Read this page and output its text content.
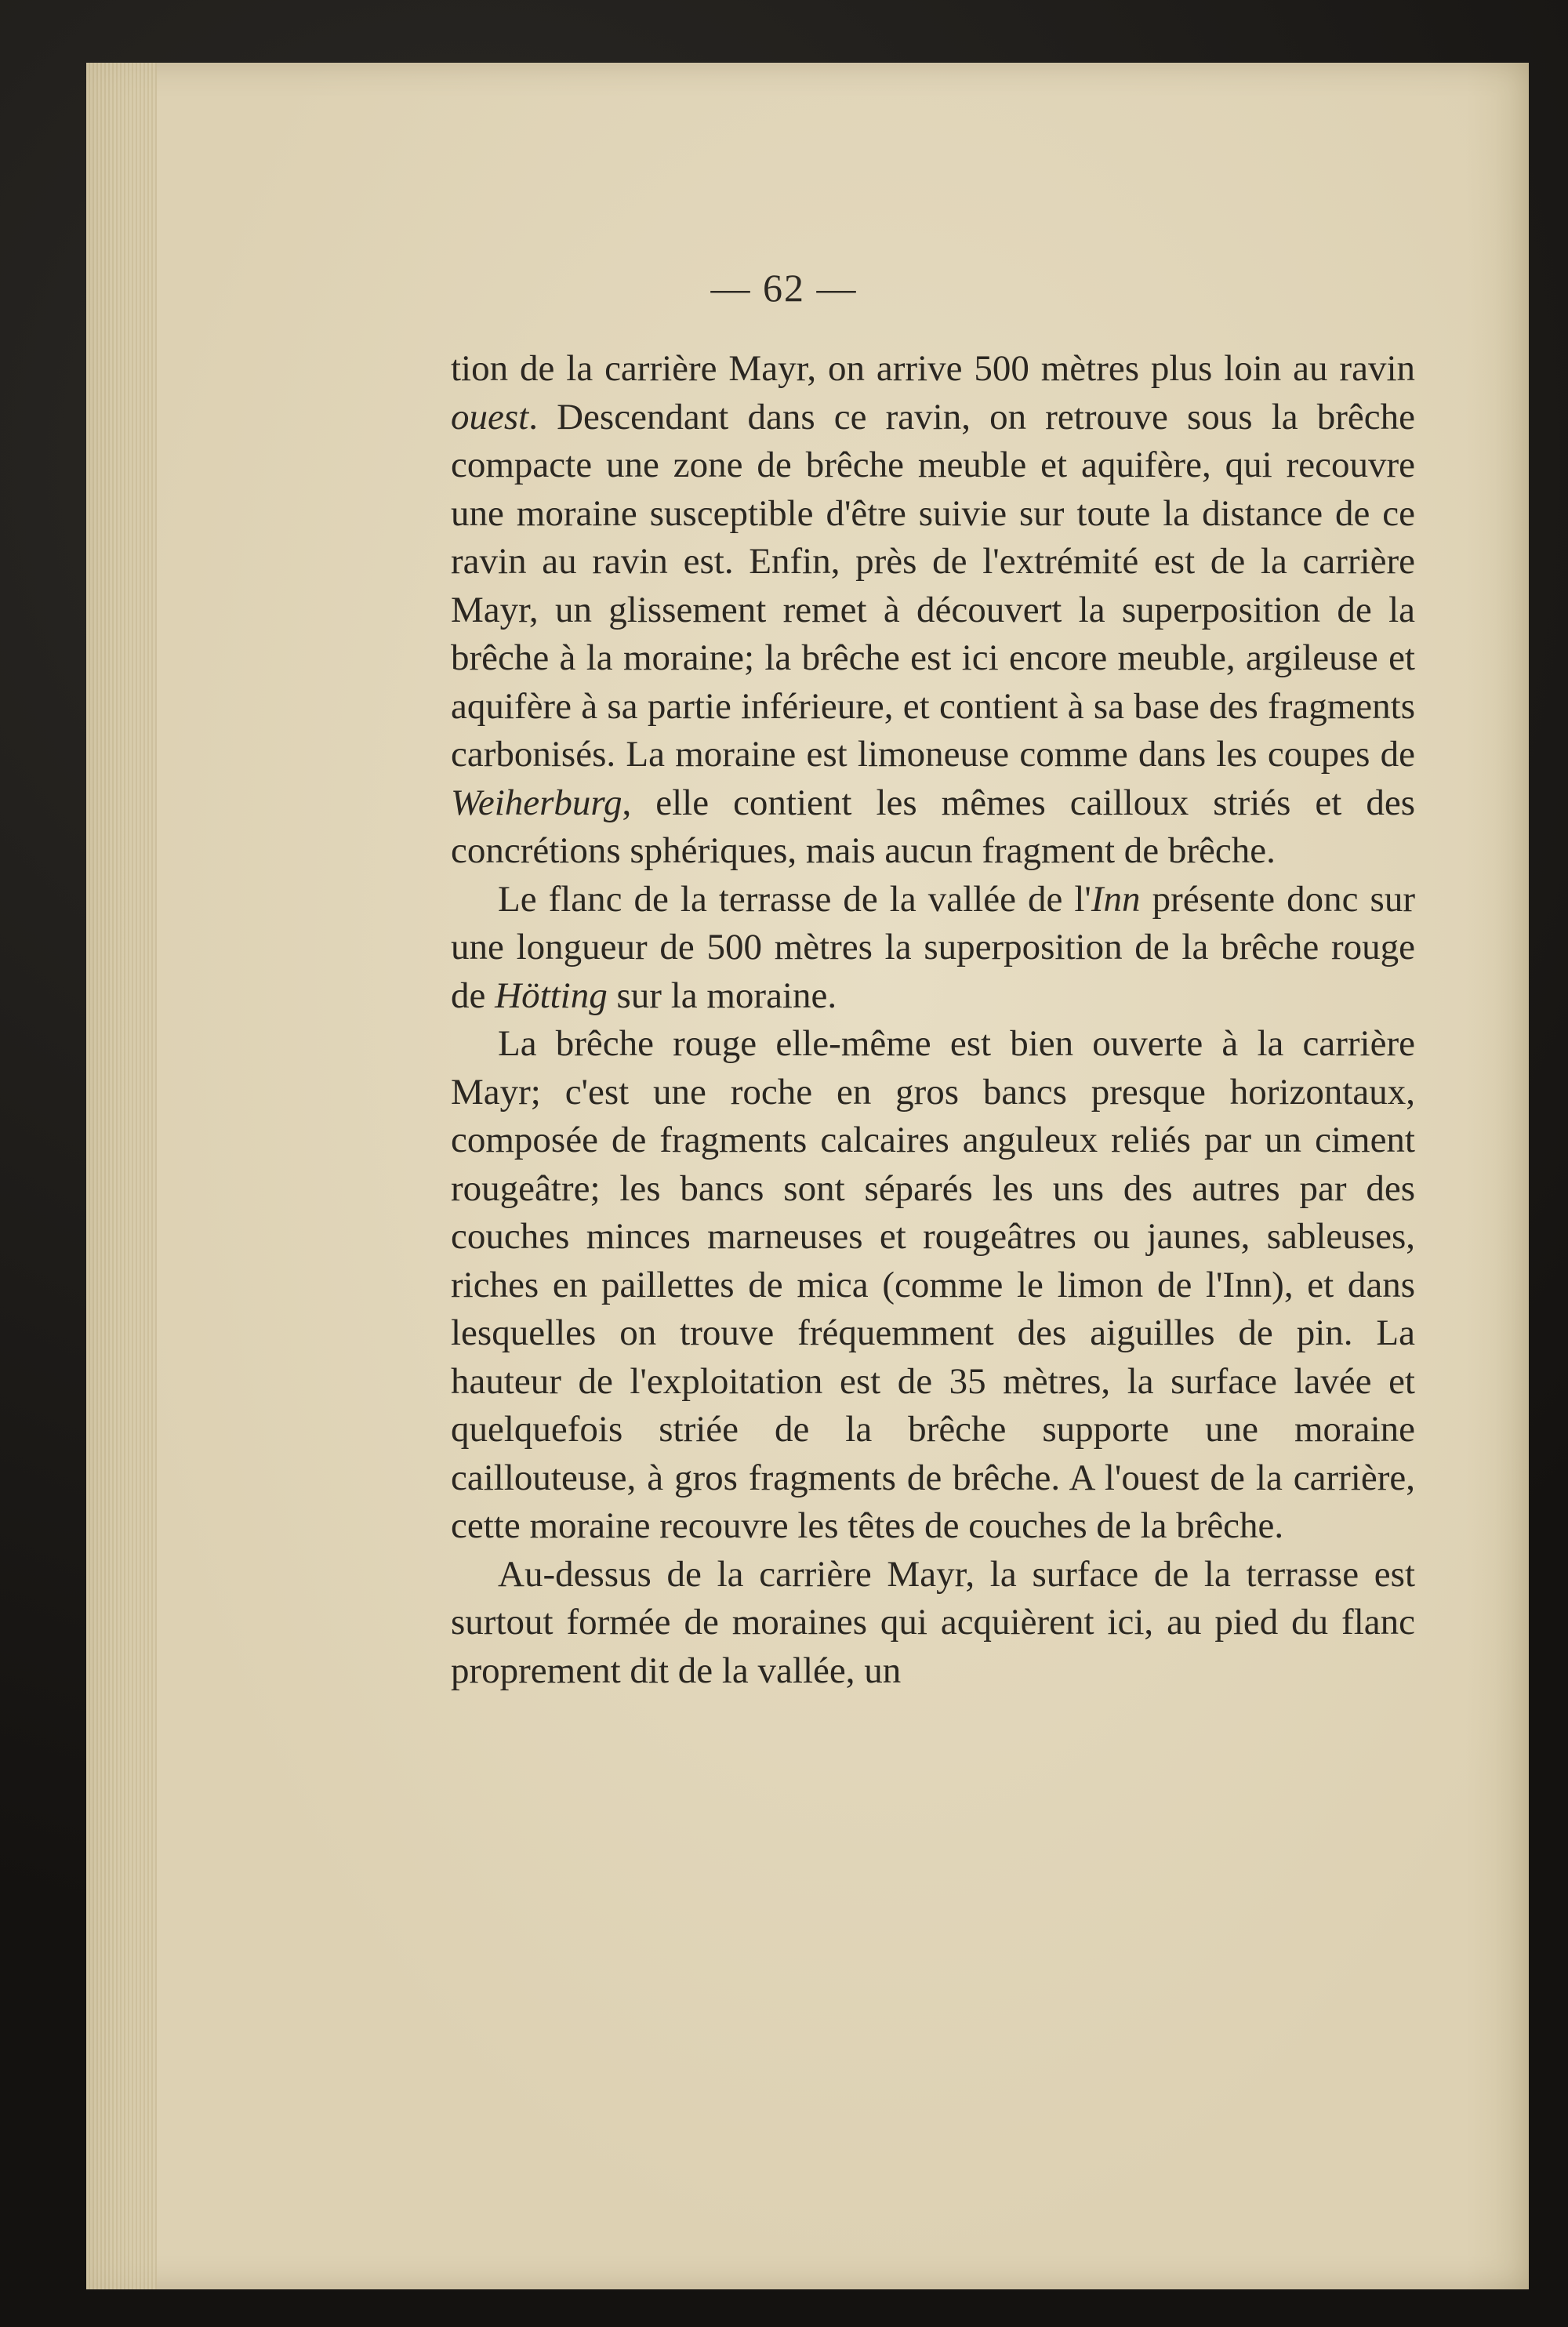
— 62 —

tion de la carrière Mayr, on arrive 500 mètres plus loin au ravin ouest. Descendant dans ce ravin, on retrouve sous la brêche compacte une zone de brêche meuble et aquifère, qui recouvre une moraine susceptible d'être suivie sur toute la distance de ce ravin au ravin est. Enfin, près de l'extrémité est de la carrière Mayr, un glissement remet à découvert la superposition de la brêche à la moraine; la brêche est ici encore meuble, argileuse et aquifère à sa partie inférieure, et contient à sa base des fragments carbonisés. La moraine est limoneuse comme dans les coupes de Weiherburg, elle contient les mêmes cailloux striés et des concrétions sphériques, mais aucun fragment de brêche.

Le flanc de la terrasse de la vallée de l'Inn présente donc sur une longueur de 500 mètres la superposition de la brêche rouge de Hötting sur la moraine.

La brêche rouge elle-même est bien ouverte à la carrière Mayr; c'est une roche en gros bancs presque horizontaux, composée de fragments calcaires anguleux reliés par un ciment rougeâtre; les bancs sont séparés les uns des autres par des couches minces marneuses et rougeâtres ou jaunes, sableuses, riches en paillettes de mica (comme le limon de l'Inn), et dans lesquelles on trouve fréquemment des aiguilles de pin. La hauteur de l'exploitation est de 35 mètres, la surface lavée et quelquefois striée de la brêche supporte une moraine caillouteuse, à gros fragments de brêche. A l'ouest de la carrière, cette moraine recouvre les têtes de couches de la brêche.

Au-dessus de la carrière Mayr, la surface de la terrasse est surtout formée de moraines qui acquièrent ici, au pied du flanc proprement dit de la vallée, un
